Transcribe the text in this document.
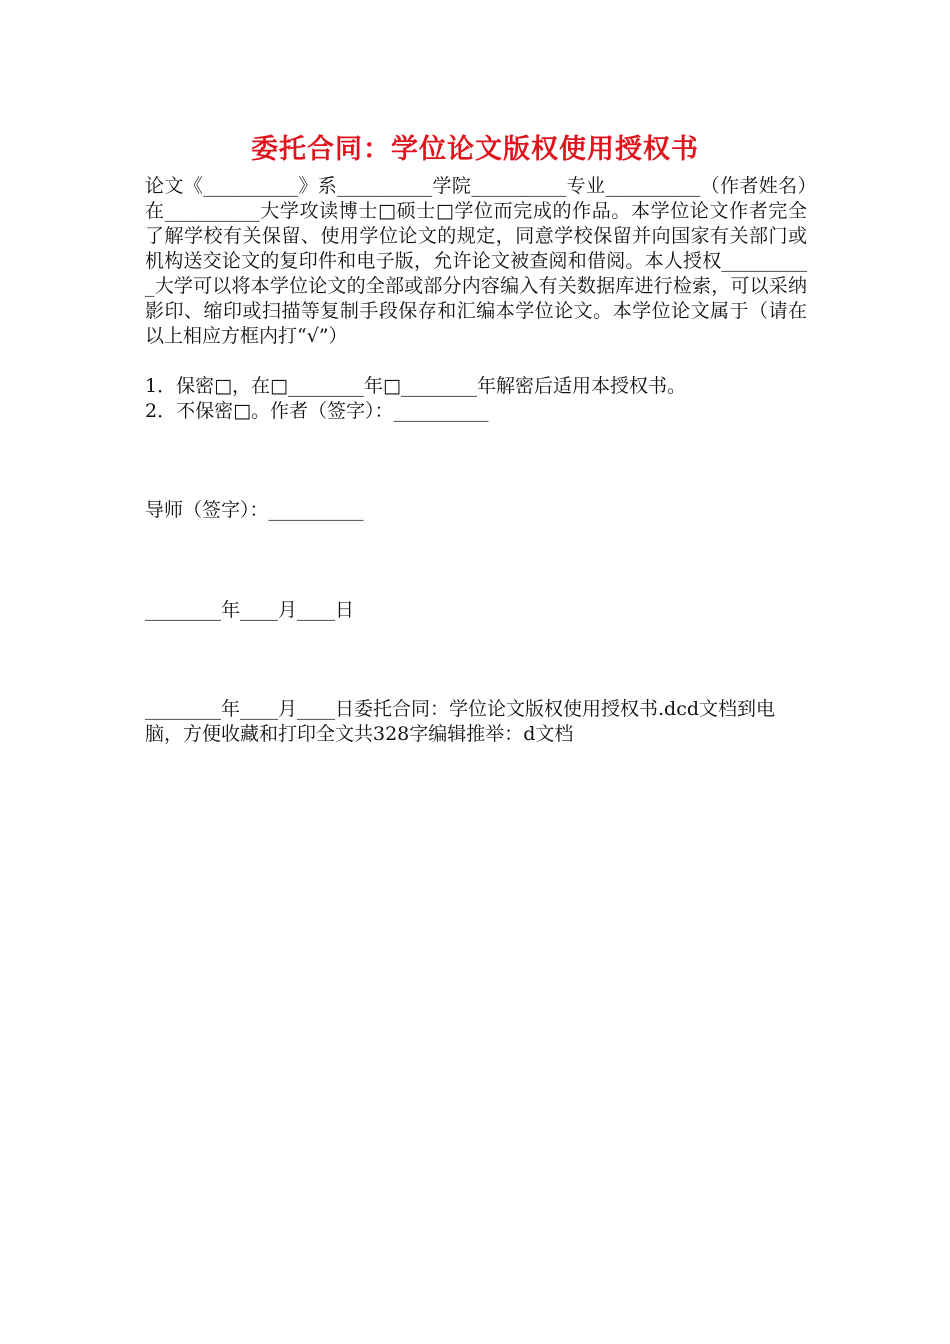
委托合同：学位论文版权使用授权书
论文《__________》系__________学院__________专业__________（作者姓名）在__________大学攻读博士□硕士□学位而完成的作品。本学位论文作者完全了解学校有关保留、使用学位论文的规定，同意学校保留并向国家有关部门或机构送交论文的复印件和电子版，允许论文被查阅和借阅。本人授权__________大学可以将本学位论文的全部或部分内容编入有关数据库进行检索，可以采纳影印、缩印或扫描等复制手段保存和汇编本学位论文。本学位论文属于（请在以上相应方框内打“√”）
1．保密□，在□________年□________年解密后适用本授权书。
2．不保密□。作者（签字）：__________
导师（签字）：__________
________年____月____日
________年____月____日委托合同：学位论文版权使用授权书.dcd文档到电脑，方便收藏和打印全文共328字编辑推举：d文档
